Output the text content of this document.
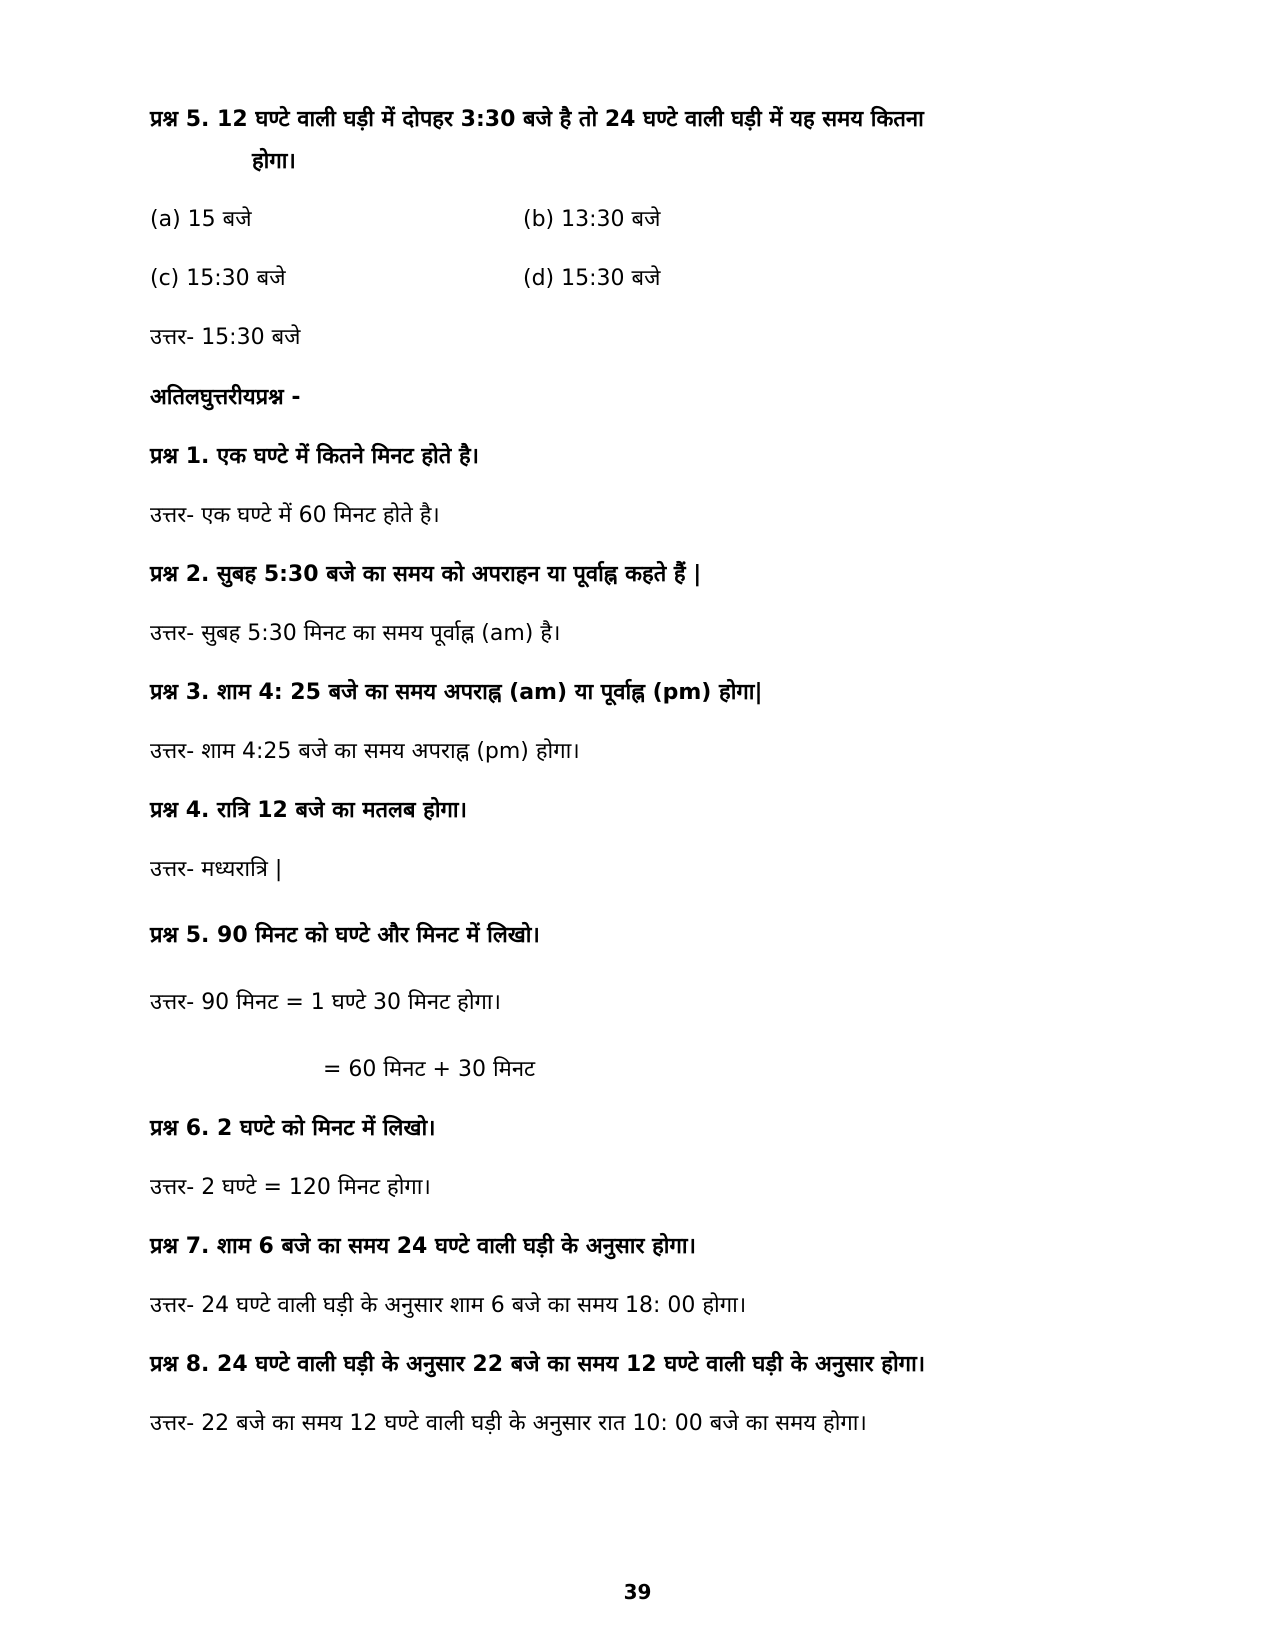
प्रश्न 5. 12 घण्टे वाली घड़ी में दोपहर 3:30 बजे है तो 24 घण्टे वाली घड़ी में यह समय कितना
होगा।
(a) 15 बजे	(b) 13:30 बजे
(c) 15:30 बजे	(d) 15:30 बजे
उत्तर- 15:30 बजे
अतिलघुत्तरीयप्रश्न -
प्रश्न 1. एक घण्टे में कितने मिनट होते है।
उत्तर- एक घण्टे में 60 मिनट होते है।
प्रश्न 2. सुबह 5:30 बजे का समय को अपराहन या पूर्वाह्न कहते हैं |
उत्तर- सुबह 5:30 मिनट का समय पूर्वाह्न (am) है।
प्रश्न 3. शाम 4: 25 बजे का समय अपराह्न (am) या पूर्वाह्न (pm) होगा|
उत्तर- शाम 4:25 बजे का समय अपराह्न (pm) होगा।
प्रश्न 4. रात्रि 12 बजे का मतलब होगा।
उत्तर- मध्यरात्रि |
प्रश्न 5. 90 मिनट को घण्टे और मिनट में लिखो।
उत्तर- 90 मिनट = 1 घण्टे 30 मिनट होगा।
= 60 मिनट + 30 मिनट
प्रश्न 6. 2 घण्टे को मिनट में लिखो।
उत्तर- 2 घण्टे = 120 मिनट होगा।
प्रश्न 7. शाम 6 बजे का समय 24 घण्टे वाली घड़ी के अनुसार होगा।
उत्तर- 24 घण्टे वाली घड़ी के अनुसार शाम 6 बजे का समय 18: 00 होगा।
प्रश्न 8. 24 घण्टे वाली घड़ी के अनुसार 22 बजे का समय 12 घण्टे वाली घड़ी के अनुसार होगा।
उत्तर- 22 बजे का समय 12 घण्टे वाली घड़ी के अनुसार रात 10: 00 बजे का समय होगा।
39
